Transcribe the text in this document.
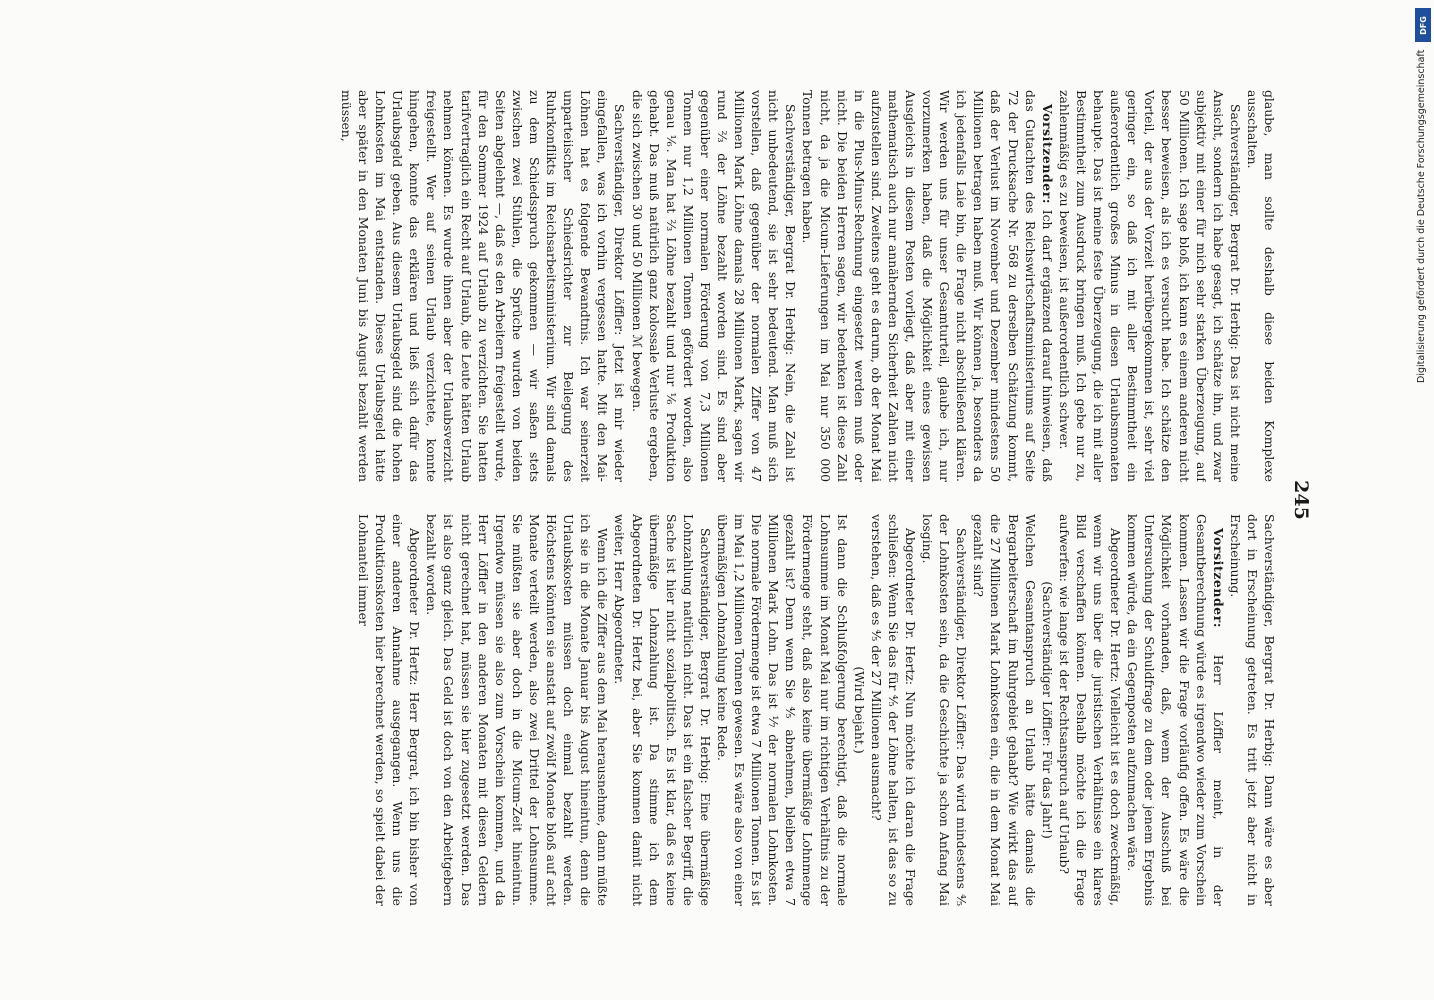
245

glaube, man sollte deshalb diese beiden Komplexe ausschalten.

Sachverständiger, Bergrat Dr. Herbig: Das ist nicht meine Ansicht, sondern ich habe gesagt, ich schätze ihn, und zwar subjektiv mit einer für mich sehr starken Überzeugung, auf 50 Millionen. Ich sage bloß, ich kann es einem anderen nicht besser beweisen, als ich es versucht habe. Ich schätze den Vorteil, der aus der Vorzeit herübergekommen ist, sehr viel geringer ein, so daß ich mit aller Bestimmtheit ein außerordentlich großes Minus in diesen Urlaubsmonaten behaupte. Das ist meine feste Überzeugung, die ich mit aller Bestimmtheit zum Ausdruck bringen muß. Ich gebe nur zu, zahlenmäßig es zu beweisen, ist außerordentlich schwer.

Vorsitzender: Ich darf ergänzend darauf hinweisen, daß das Gutachten des Reichswirtschaftsministeriums auf Seite 72 der Drucksache Nr. 568 zu derselben Schätzung kommt, daß der Verlust im November und Dezember mindestens 50 Millionen betragen haben muß. Wir können ja, besonders da ich jedenfalls Laie bin, die Frage nicht abschließend klären. Wir werden uns für unser Gesamturteil, glaube ich, nur vorzumerken haben, daß die Möglichkeit eines gewissen Ausgleichs in diesem Posten vorliegt, daß aber mit einer mathematisch auch nur annähernden Sicherheit Zahlen nicht aufzustellen sind. Zweitens geht es darum, ob der Monat Mai in die Plus-Minus-Rechnung eingesetzt werden muß oder nicht. Die beiden Herren sagen, wir bedenken ist diese Zahl nicht, da ja die Micum-Lieferungen im Mai nur 350 000 Tonnen betragen haben.

Sachverständiger, Bergrat Dr. Herbig: Nein, die Zahl ist nicht unbedeutend, sie ist sehr bedeutend. Man muß sich vorstellen, daß gegenüber der normalen Ziffer von 47 Millionen Mark Löhne damals 28 Millionen Mark, sagen wir rund ⅔ der Löhne bezahlt worden sind. Es sind aber gegenüber einer normalen Förderung von 7,3 Millionen Tonnen nur 1,2 Millionen Tonnen gefördert worden, also genau ⅙. Man hat ⅔ Löhne bezahlt und nur ⅙ Produktion gehabt. Das muß natürlich ganz kolossale Verluste ergeben, die sich zwischen 30 und 50 Millionen ℳ bewegen.

Sachverständiger, Direktor Löffler: Jetzt ist mir wieder eingefallen, was ich vorhin vergessen hatte. Mit den Mai-Löhnen hat es folgende Bewandtnis. Ich war seinerzeit unparteiischer Schiedsrichter zur Beilegung des Ruhrkonflikts im Reichsarbeitsministerium. Wir sind damals zu dem Schiedsspruch gekommen — wir saßen stets zwischen zwei Stühlen, die Sprüche wurden von beiden Seiten abgelehnt —, daß es den Arbeitern freigestellt wurde, für den Sommer 1924 auf Urlaub zu verzichten. Sie hatten tarifvertraglich ein Recht auf Urlaub, die Leute hätten Urlaub nehmen können. Es wurde ihnen aber der Urlaubsverzicht freigestellt. Wer auf seinen Urlaub verzichtete, konnte hingehen, konnte das erklären und ließ sich dafür das Urlaubsgeld geben. Aus diesem Urlaubsgeld sind die hohen Lohnkosten im Mai entstanden. Dieses Urlaubsgeld hätte aber später in den Monaten Juni bis August bezahlt werden müssen,

Sachverständiger, Bergrat Dr. Herbig: Dann wäre es aber dort in Erscheinung getreten. Es tritt jetzt aber nicht in Erscheinung.

Vorsitzender: Herr Löffler meint, in der Gesamtberechnung würde es irgendwo wieder zum Vorschein kommen. Lassen wir die Frage vorläufig offen. Es wäre die Möglichkeit vorhanden, daß, wenn der Ausschuß bei Untersuchung der Schuldfrage zu dem oder jenem Ergebnis kommen würde, da ein Gegenposten aufzumachen wäre.

Abgeordneter Dr. Hertz: Vielleicht ist es doch zweckmäßig, wenn wir uns über die juristischen Verhältnisse ein klares Bild verschaffen können. Deshalb möchte ich die Frage aufwerfen: wie lange ist der Rechtsanspruch auf Urlaub?

(Sachverständiger Löffler: Für das Jahr!)

Welchen Gesamtanspruch an Urlaub hätte damals die Bergarbeiterschaft im Ruhrgebiet gehabt? Wie wirkt das auf die 27 Millionen Mark Lohnkosten ein, die in dem Monat Mai gezahlt sind?

Sachverständiger, Direktor Löffler: Das wird mindestens ⅘ der Lohnkosten sein, da die Geschichte ja schon Anfang Mai losging.

Abgeordneter Dr. Hertz: Nun möchte ich daran die Frage schließen: Wenn Sie das für ⅘ der Löhne halten, ist das so zu verstehen, daß es ⅘ der 27 Millionen ausmacht?

(Wird bejaht.)

Ist dann die Schlußfolgerung berechtigt, daß die normale Lohnsumme im Monat Mai nur im richtigen Verhältnis zu der Fördermenge steht, daß also keine übermäßige Lohnmenge gezahlt ist? Denn wenn Sie ⅘ abnehmen, bleiben etwa 7 Millionen Mark Lohn. Das ist ¹⁄₇ der normalen Lohnkosten. Die normale Fördermenge ist etwa 7 Millionen Tonnen. Es ist im Mai 1,2 Millionen Tonnen gewesen. Es wäre also von einer übermäßigen Lohnzahlung keine Rede.

Sachverständiger, Bergrat Dr. Herbig: Eine übermäßige Lohnzahlung natürlich nicht. Das ist ein falscher Begriff, die Sache ist hier nicht sozialpolitisch. Es ist klar, daß es keine übermäßige Lohnzahlung ist. Da stimme ich dem Abgeordneten Dr. Hertz bei, aber Sie kommen damit nicht weiter, Herr Abgeordneter.

Wenn ich die Ziffer aus dem Mai herausnehme, dann müßte ich sie in die Monate Januar bis August hineintun, denn die Urlaubskosten müssen doch einmal bezahlt werden. Höchstens könnten sie anstatt auf zwölf Monate bloß auf acht Monate verteilt werden, also zwei Drittel der Lohnsumme. Sie müßten sie aber doch in die Micum-Zeit hineintun. Irgendwo müssen sie also zum Vorschein kommen, und da Herr Löffler in den anderen Monaten mit diesen Geldern nicht gerechnet hat, müssen sie hier zugesetzt werden. Das ist also ganz gleich. Das Geld ist doch von den Arbeitgebern bezahlt worden.

Abgeordneter Dr. Hertz: Herr Bergrat, ich bin bisher von einer anderen Annahme ausgegangen. Wenn uns die Produktionskosten hier berechnet werden, so spielt dabei der Lohnanteil immer

DFG
Digitalisierung gefördert durch die Deutsche Forschungsgemeinschaft
